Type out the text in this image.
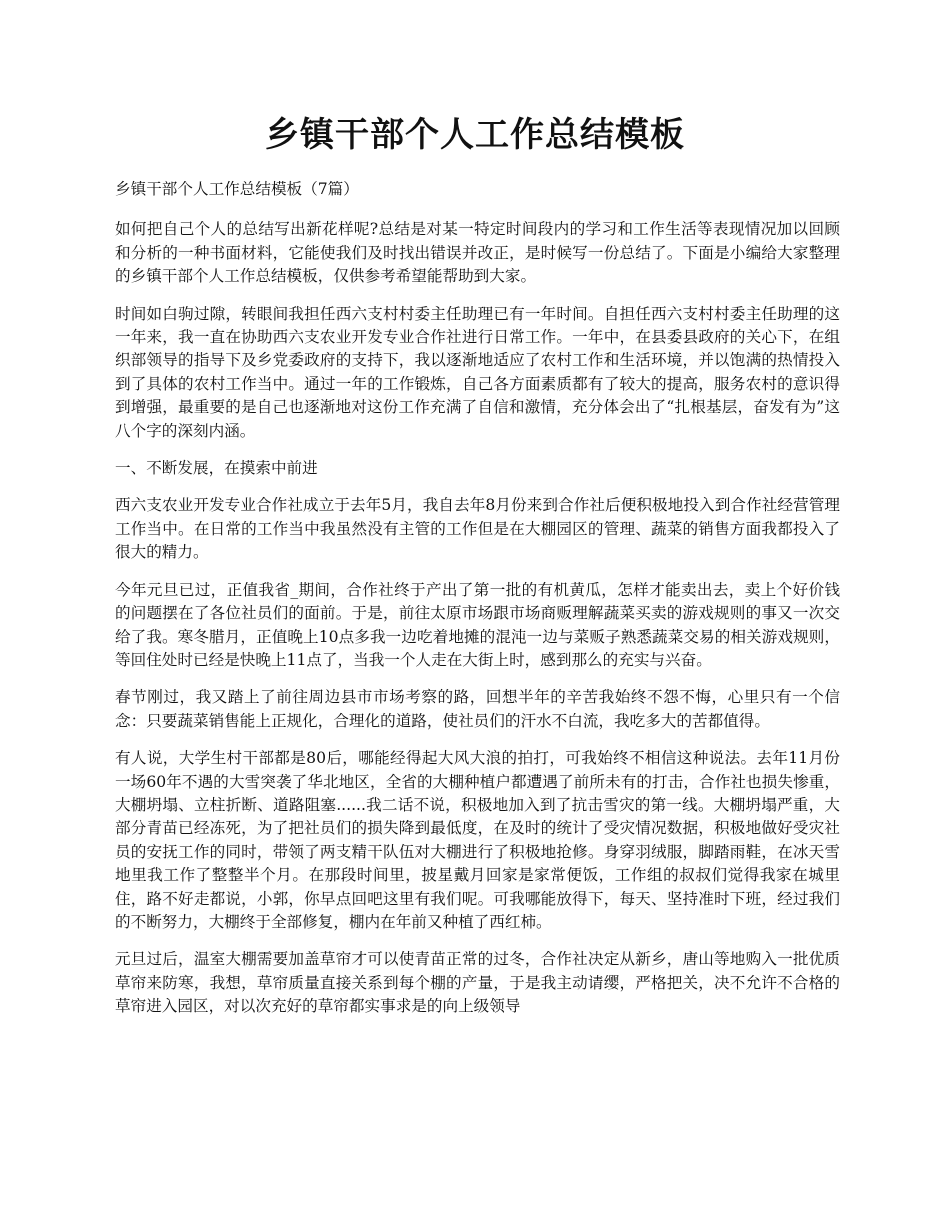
乡镇干部个人工作总结模板

乡镇干部个人工作总结模板（7篇）

如何把自己个人的总结写出新花样呢?总结是对某一特定时间段内的学习和工作生活等表现情况加以回顾和分析的一种书面材料，它能使我们及时找出错误并改正，是时候写一份总结了。下面是小编给大家整理的乡镇干部个人工作总结模板，仅供参考希望能帮助到大家。

时间如白驹过隙，转眼间我担任西六支村村委主任助理已有一年时间。自担任西六支村村委主任助理的这一年来，我一直在协助西六支农业开发专业合作社进行日常工作。一年中，在县委县政府的关心下，在组织部领导的指导下及乡党委政府的支持下，我以逐渐地适应了农村工作和生活环境，并以饱满的热情投入到了具体的农村工作当中。通过一年的工作锻炼，自己各方面素质都有了较大的提高，服务农村的意识得到增强，最重要的是自己也逐渐地对这份工作充满了自信和激情，充分体会出了“扎根基层，奋发有为”这八个字的深刻内涵。

一、不断发展，在摸索中前进

西六支农业开发专业合作社成立于去年5月，我自去年8月份来到合作社后便积极地投入到合作社经营管理工作当中。在日常的工作当中我虽然没有主管的工作但是在大棚园区的管理、蔬菜的销售方面我都投入了很大的精力。

今年元旦已过，正值我省_期间，合作社终于产出了第一批的有机黄瓜，怎样才能卖出去，卖上个好价钱的问题摆在了各位社员们的面前。于是，前往太原市场跟市场商贩理解蔬菜买卖的游戏规则的事又一次交给了我。寒冬腊月，正值晚上10点多我一边吃着地摊的混沌一边与菜贩子熟悉蔬菜交易的相关游戏规则，等回住处时已经是快晚上11点了，当我一个人走在大街上时，感到那么的充实与兴奋。

春节刚过，我又踏上了前往周边县市市场考察的路，回想半年的辛苦我始终不怨不悔，心里只有一个信念：只要蔬菜销售能上正规化，合理化的道路，使社员们的汗水不白流，我吃多大的苦都值得。

有人说，大学生村干部都是80后，哪能经得起大风大浪的拍打，可我始终不相信这种说法。去年11月份一场60年不遇的大雪突袭了华北地区，全省的大棚种植户都遭遇了前所未有的打击，合作社也损失惨重，大棚坍塌、立柱折断、道路阻塞......我二话不说，积极地加入到了抗击雪灾的第一线。大棚坍塌严重，大部分青苗已经冻死，为了把社员们的损失降到最低度，在及时的统计了受灾情况数据，积极地做好受灾社员的安抚工作的同时，带领了两支精干队伍对大棚进行了积极地抢修。身穿羽绒服，脚踏雨鞋，在冰天雪地里我工作了整整半个月。在那段时间里，披星戴月回家是家常便饭，工作组的叔叔们觉得我家在城里住，路不好走都说，小郭，你早点回吧这里有我们呢。可我哪能放得下，每天、坚持准时下班，经过我们的不断努力，大棚终于全部修复，棚内在年前又种植了西红柿。

元旦过后，温室大棚需要加盖草帘才可以使青苗正常的过冬，合作社决定从新乡，唐山等地购入一批优质草帘来防寒，我想，草帘质量直接关系到每个棚的产量，于是我主动请缨，严格把关，决不允许不合格的草帘进入园区，对以次充好的草帘都实事求是的向上级领导
